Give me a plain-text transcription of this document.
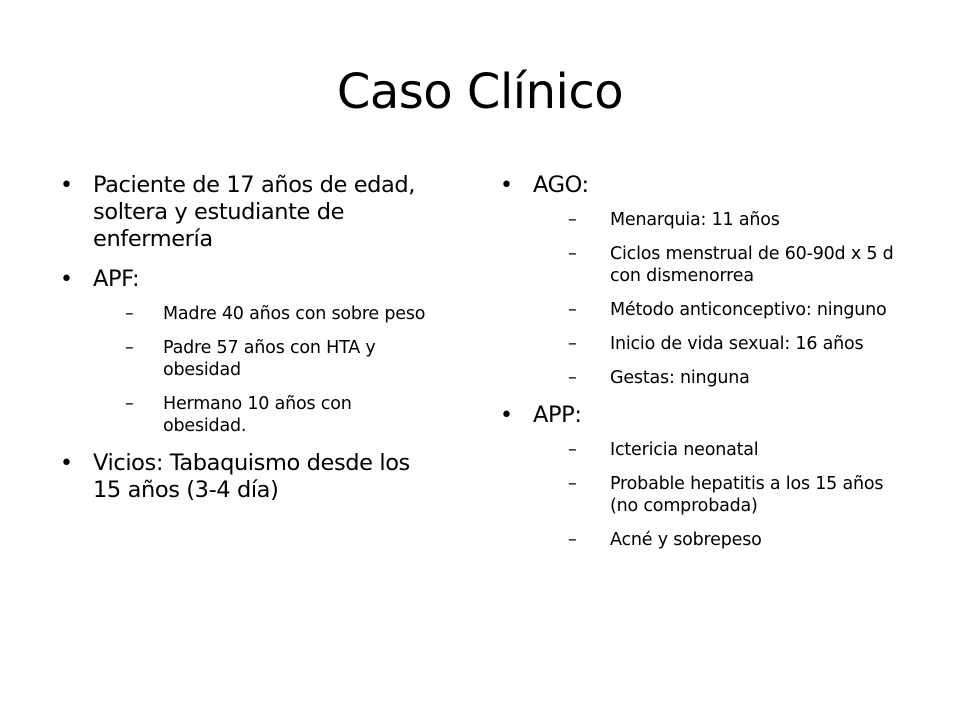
Caso Clínico
• Paciente de 17 años de edad, soltera y estudiante de enfermería
• APF:
–	Madre 40 años con sobre peso
–	Padre 57 años con HTA y obesidad
–	Hermano 10 años con obesidad.
• Vicios: Tabaquismo desde los 15 años (3-4 día)
• AGO:
–	Menarquia: 11 años
–	Ciclos menstrual de 60-90d x 5 d con dismenorrea
–	Método anticonceptivo: ninguno
–	Inicio de vida sexual: 16 años
–	Gestas: ninguna
• APP:
–	Ictericia neonatal
–	Probable hepatitis a los 15 años (no comprobada)
–	Acné y sobrepeso
